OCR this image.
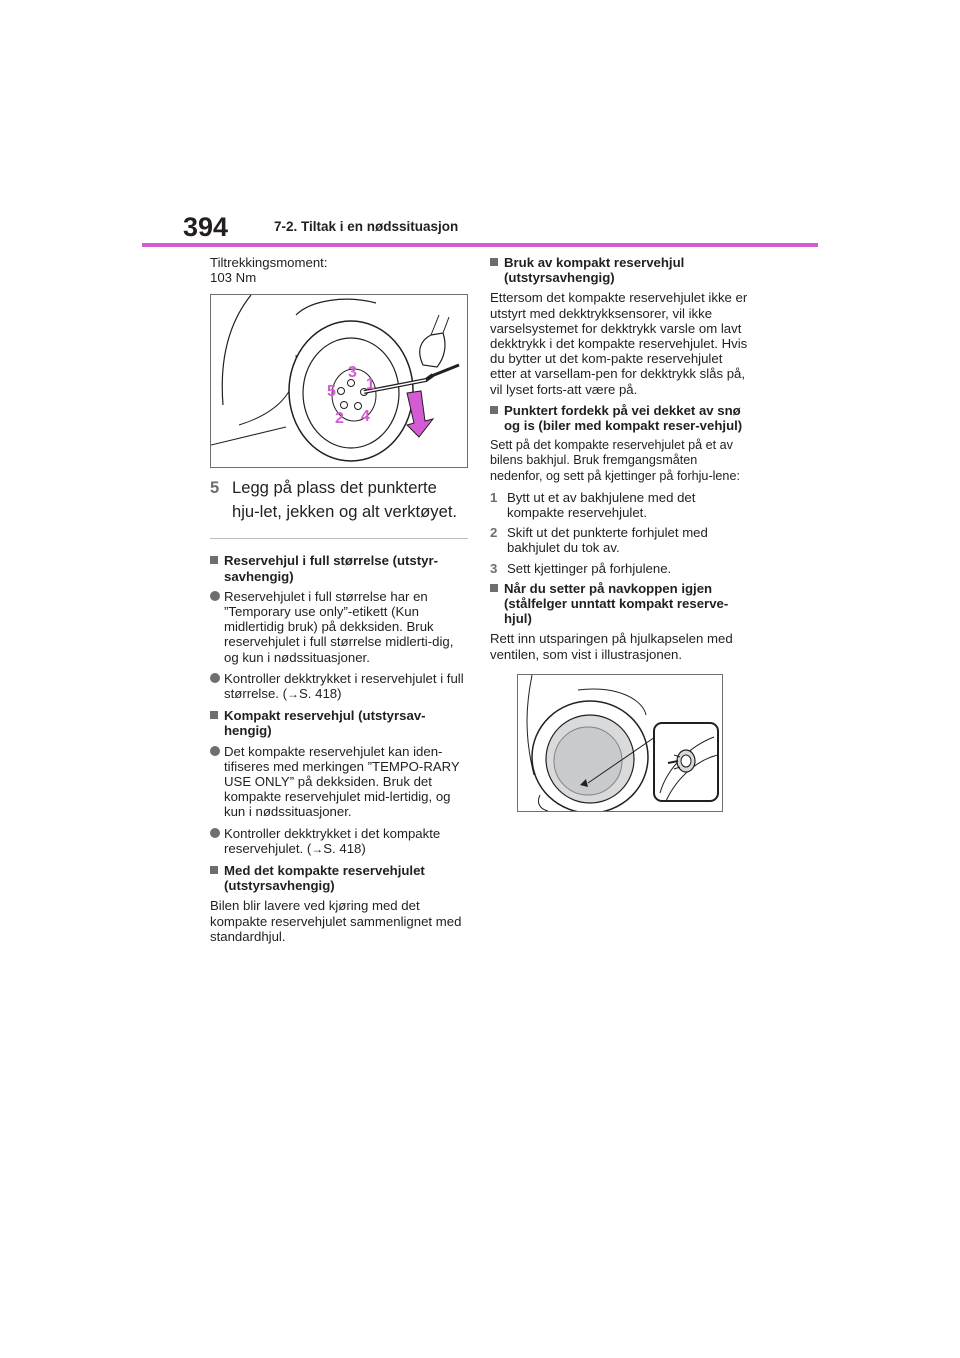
394	7-2. Tiltak i en nødssituasjon

Tiltrekkingsmoment:
103 Nm

3
1
4
2
5
5 Legg på plass det punkterte hju-let, jekken og alt verktøyet.
Reservehjul i full størrelse (utstyr-savhengig)
Reservehjulet i full størrelse har en ”Temporary use only”-etikett (Kun midlertidig bruk) på dekksiden. Bruk reservehjulet i full størrelse midlerti-dig, og kun i nødssituasjoner.
Kontroller dekktrykket i reservehjulet i full størrelse. (→S. 418)
Kompakt reservehjul (utstyrsav-hengig)
Det kompakte reservehjulet kan iden-tifiseres med merkingen ”TEMPO-RARY USE ONLY” på dekksiden. Bruk det kompakte reservehjulet mid-lertidig, og kun i nødssituasjoner.
Kontroller dekktrykket i det kompakte reservehjulet. (→S. 418)
Med det kompakte reservehjulet (utstyrsavhengig)

Bilen blir lavere ved kjøring med det kompakte reservehjulet sammenlignet med standardhjul.

Bruk av kompakt reservehjul (utstyrsavhengig)

Ettersom det kompakte reservehjulet ikke er utstyrt med dekktrykksensorer, vil ikke varselsystemet for dekktrykk varsle om lavt dekktrykk i det kompakte reservehjulet. Hvis du bytter ut det kom-pakte reservehjulet etter at varsellam-pen for dekktrykk slås på, vil lyset forts-att være på.

Punktert fordekk på vei dekket av snø og is (biler med kompakt reser-vehjul)

Sett på det kompakte reservehjulet på et av bilens bakhjul. Bruk fremgangsmåten nedenfor, og sett på kjettinger på forhju-lene:

1 Bytt ut et av bakhjulene med det kompakte reservehjulet.
2 Skift ut det punkterte forhjulet med bakhjulet du tok av.
3 Sett kjettinger på forhjulene.
Når du setter på navkoppen igjen (stålfelger unntatt kompakt reserve-hjul)

Rett inn utsparingen på hjulkapselen med ventilen, som vist i illustrasjonen.
